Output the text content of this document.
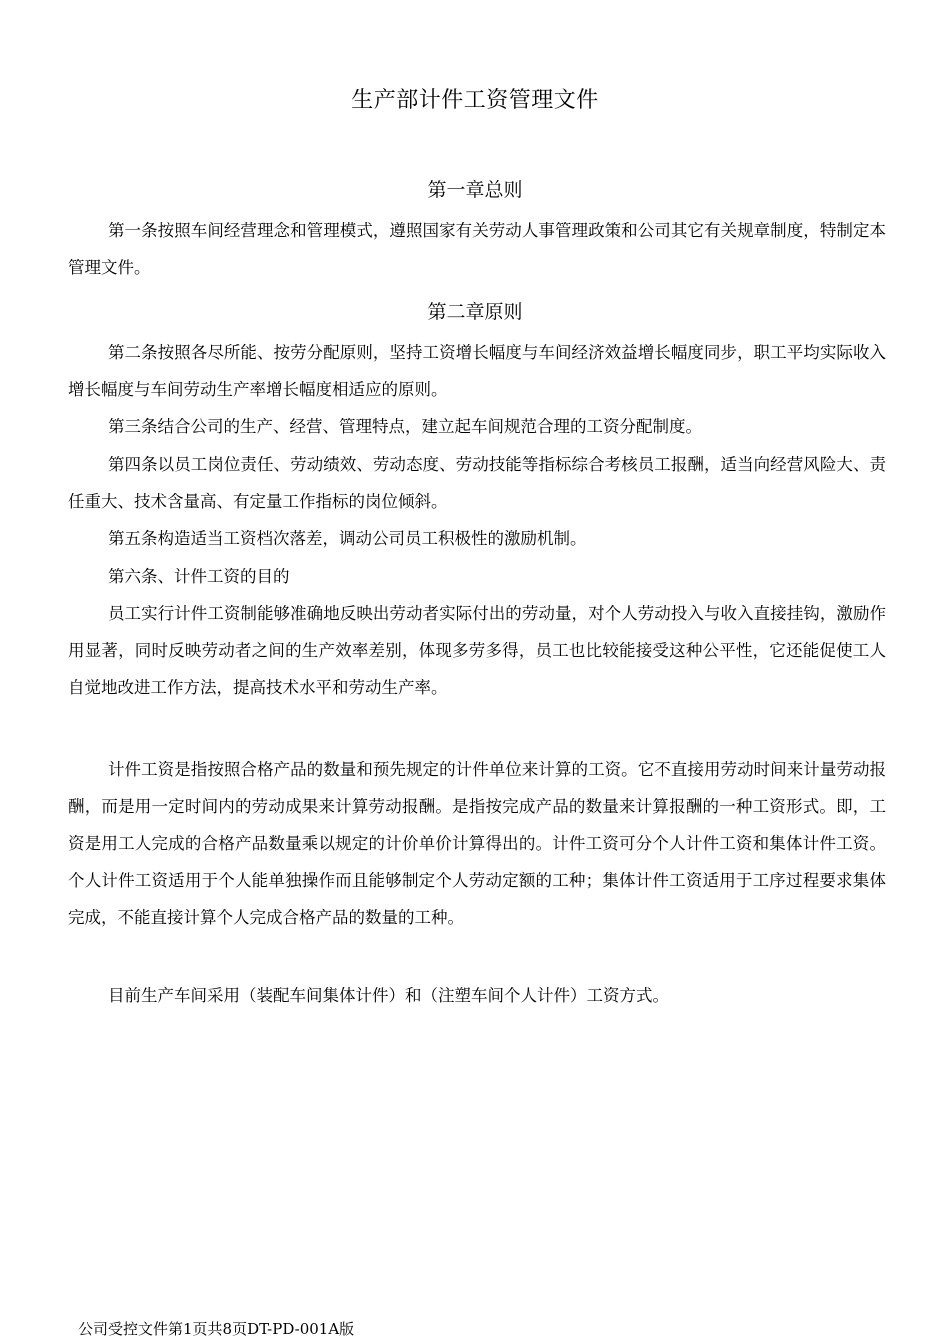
生产部计件工资管理文件
第一章总则

第一条按照车间经营理念和管理模式，遵照国家有关劳动人事管理政策和公司其它有关规章制度，特制定本管理文件。

第二章原则

第二条按照各尽所能、按劳分配原则，坚持工资增长幅度与车间经济效益增长幅度同步，职工平均实际收入增长幅度与车间劳动生产率增长幅度相适应的原则。

第三条结合公司的生产、经营、管理特点，建立起车间规范合理的工资分配制度。

第四条以员工岗位责任、劳动绩效、劳动态度、劳动技能等指标综合考核员工报酬，适当向经营风险大、责任重大、技术含量高、有定量工作指标的岗位倾斜。

第五条构造适当工资档次落差，调动公司员工积极性的激励机制。

第六条、计件工资的目的

员工实行计件工资制能够准确地反映出劳动者实际付出的劳动量，对个人劳动投入与收入直接挂钩，激励作用显著，同时反映劳动者之间的生产效率差别，体现多劳多得，员工也比较能接受这种公平性，它还能促使工人自觉地改进工作方法，提高技术水平和劳动生产率。

计件工资是指按照合格产品的数量和预先规定的计件单位来计算的工资。它不直接用劳动时间来计量劳动报酬，而是用一定时间内的劳动成果来计算劳动报酬。是指按完成产品的数量来计算报酬的一种工资形式。即，工资是用工人完成的合格产品数量乘以规定的计价单价计算得出的。计件工资可分个人计件工资和集体计件工资。个人计件工资适用于个人能单独操作而且能够制定个人劳动定额的工种；集体计件工资适用于工序过程要求集体完成，不能直接计算个人完成合格产品的数量的工种。

目前生产车间采用（装配车间集体计件）和（注塑车间个人计件）工资方式。

公司受控文件第1页共8页DT-PD-001A版
